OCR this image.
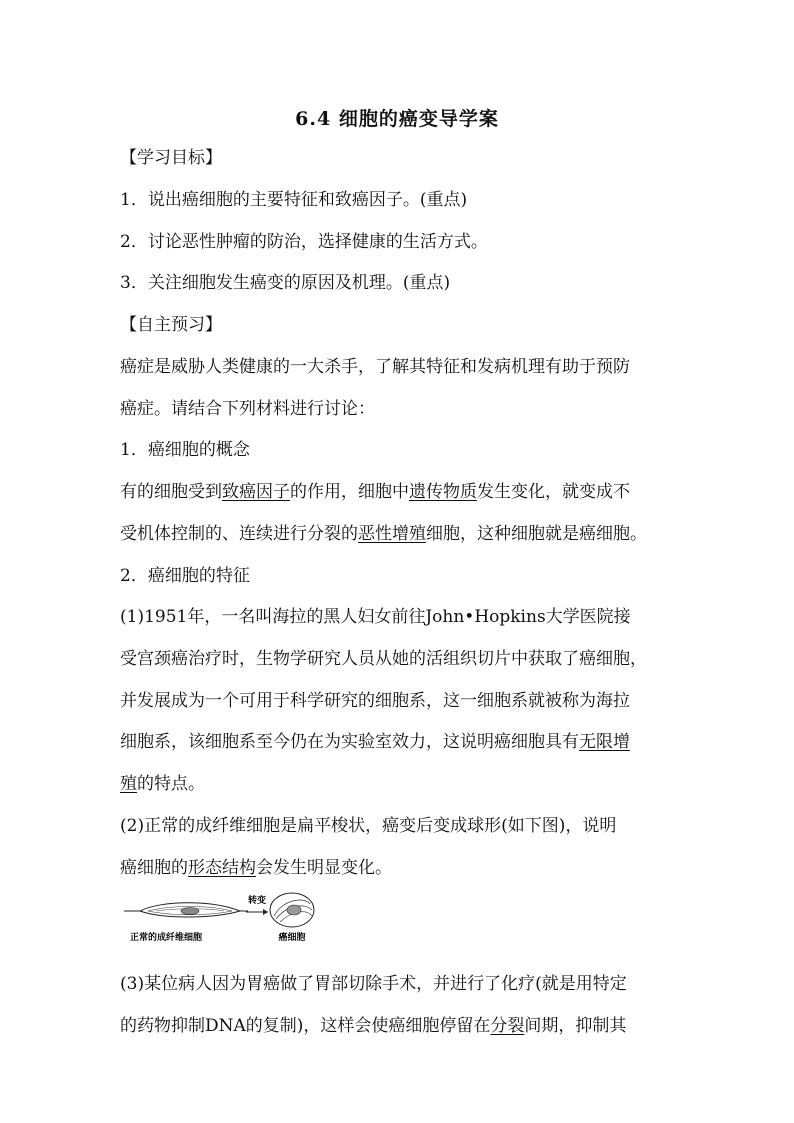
6.4 细胞的癌变导学案
【学习目标】
1．说出癌细胞的主要特征和致癌因子。(重点)
2．讨论恶性肿瘤的防治，选择健康的生活方式。
3．关注细胞发生癌变的原因及机理。(重点)
【自主预习】
癌症是威胁人类健康的一大杀手，了解其特征和发病机理有助于预防
癌症。请结合下列材料进行讨论：
1．癌细胞的概念
有的细胞受到致癌因子的作用，细胞中遗传物质发生变化，就变成不
受机体控制的、连续进行分裂的恶性增殖细胞，这种细胞就是癌细胞。
2．癌细胞的特征
(1)1951年，一名叫海拉的黑人妇女前往John•Hopkins大学医院接
受宫颈癌治疗时，生物学研究人员从她的活组织切片中获取了癌细胞，
并发展成为一个可用于科学研究的细胞系，这一细胞系就被称为海拉
细胞系，该细胞系至今仍在为实验室效力，这说明癌细胞具有无限增
殖的特点。
(2)正常的成纤维细胞是扁平梭状，癌变后变成球形(如下图)，说明
癌细胞的形态结构会发生明显变化。
转变
正常的成纤维细胞	癌细胞
(3)某位病人因为胃癌做了胃部切除手术，并进行了化疗(就是用特定
的药物抑制DNA的复制)，这样会使癌细胞停留在分裂间期，抑制其
